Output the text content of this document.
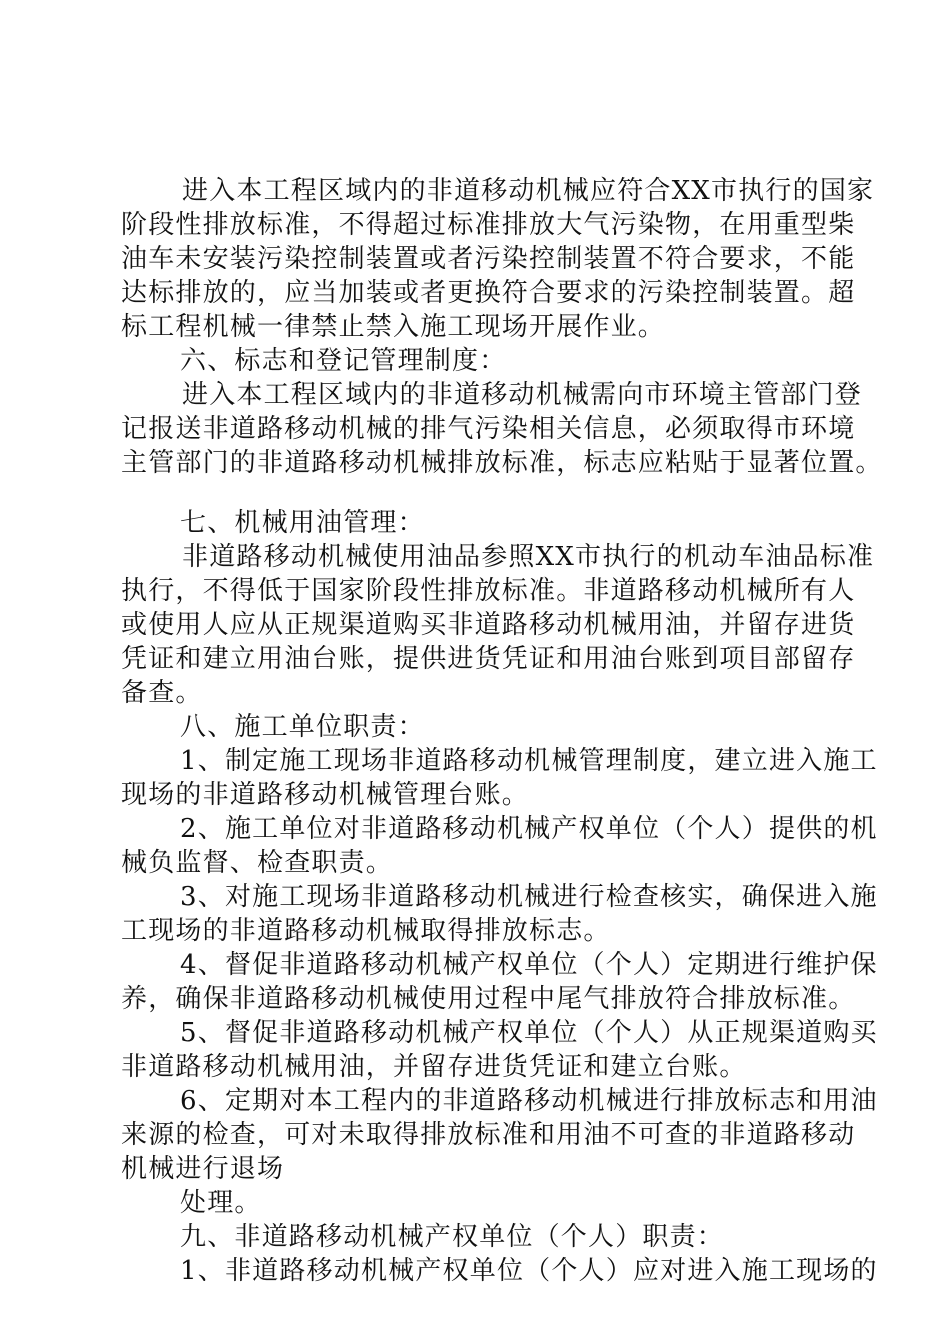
进入本工程区域内的非道移动机械应符合XX市执行的国家
阶段性排放标准，不得超过标准排放大气污染物，在用重型柴
油车未安装污染控制装置或者污染控制装置不符合要求，不能
达标排放的，应当加装或者更换符合要求的污染控制装置。超
标工程机械一律禁止禁入施工现场开展作业。
六、标志和登记管理制度：
进入本工程区域内的非道移动机械需向市环境主管部门登
记报送非道路移动机械的排气污染相关信息，必须取得市环境
主管部门的非道路移动机械排放标准，标志应粘贴于显著位置。
七、机械用油管理：
非道路移动机械使用油品参照XX市执行的机动车油品标准
执行，不得低于国家阶段性排放标准。非道路移动机械所有人
或使用人应从正规渠道购买非道路移动机械用油，并留存进货
凭证和建立用油台账，提供进货凭证和用油台账到项目部留存
备查。
八、施工单位职责：
1、制定施工现场非道路移动机械管理制度，建立进入施工
现场的非道路移动机械管理台账。
2、施工单位对非道路移动机械产权单位（个人）提供的机
械负监督、检查职责。
3、对施工现场非道路移动机械进行检查核实，确保进入施
工现场的非道路移动机械取得排放标志。
4、督促非道路移动机械产权单位（个人）定期进行维护保
养，确保非道路移动机械使用过程中尾气排放符合排放标准。
5、督促非道路移动机械产权单位（个人）从正规渠道购买
非道路移动机械用油，并留存进货凭证和建立台账。
6、定期对本工程内的非道路移动机械进行排放标志和用油
来源的检查，可对未取得排放标准和用油不可查的非道路移动
机械进行退场
处理。
九、非道路移动机械产权单位（个人）职责：
1、非道路移动机械产权单位（个人）应对进入施工现场的
